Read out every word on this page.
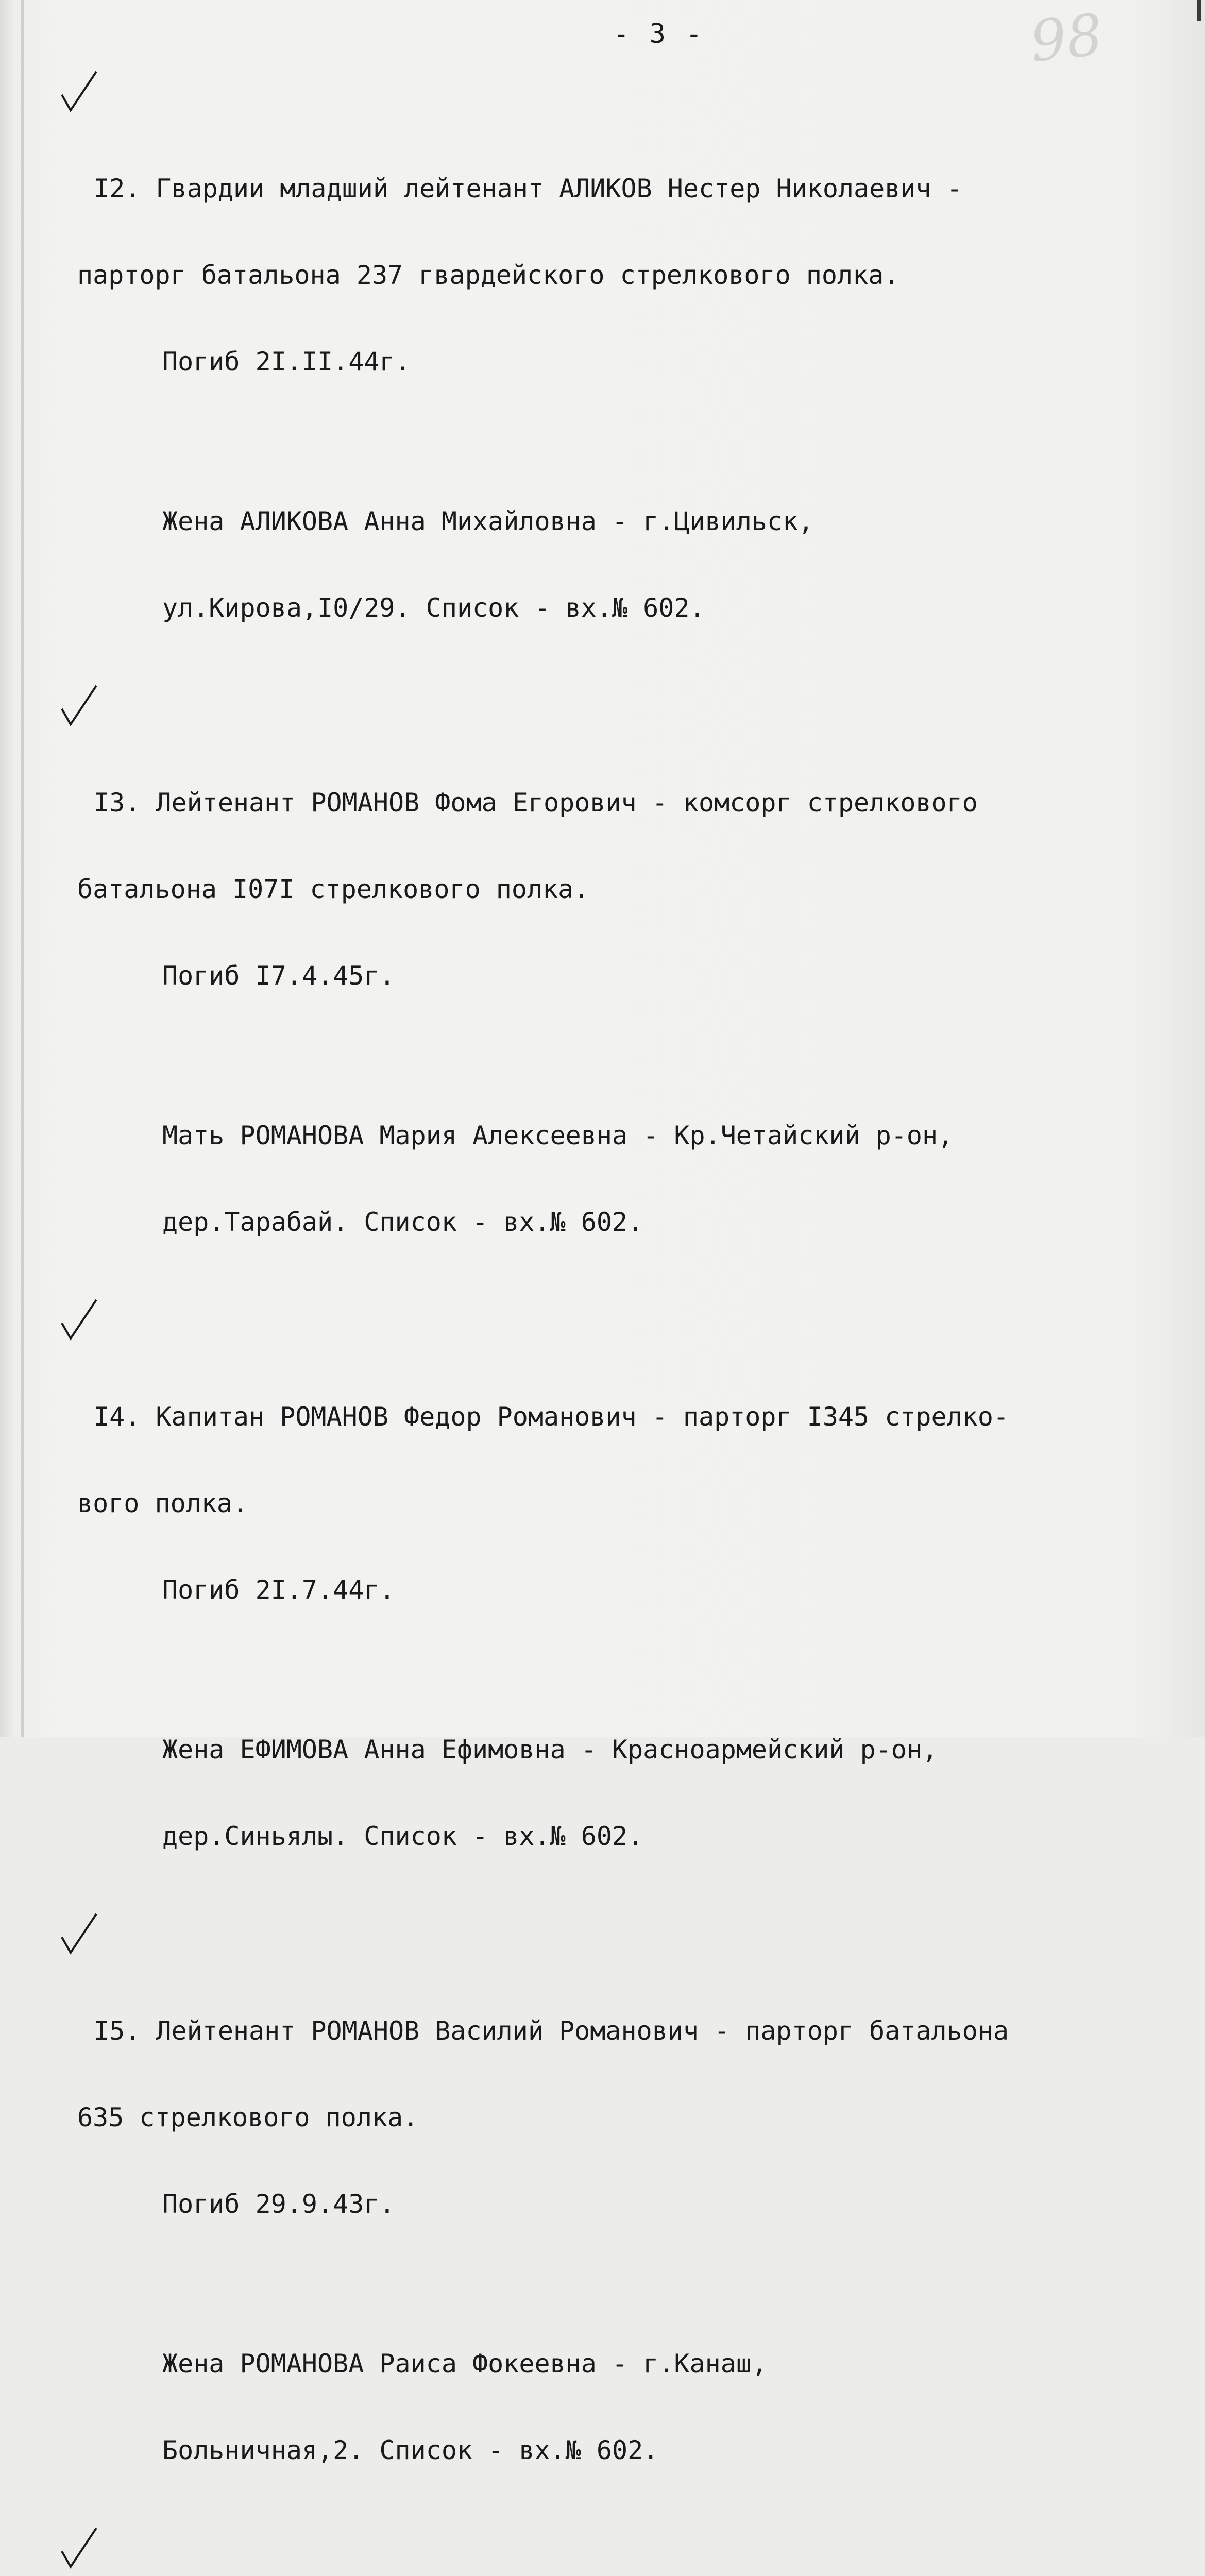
98
- 3 -

I2. Гвардии младший лейтенант АЛИКОВ Нестер Николаевич -

парторг батальона 237 гвардейского стрелкового полка.

Погиб 2I.II.44г.

Жена АЛИКОВА Анна Михайловна - г.Цивильск,

ул.Кирова,I0/29. Список - вх.№ 602.

I3. Лейтенант РОМАНОВ Фома Егорович - комсорг стрелкового

батальона I07I стрелкового полка.

Погиб I7.4.45г.

Мать РОМАНОВА Мария Алексеевна - Кр.Четайский р-он,

дер.Тарабай. Список - вх.№ 602.

I4. Капитан РОМАНОВ Федор Романович - парторг I345 стрелко-

вого полка.

Погиб 2I.7.44г.

Жена ЕФИМОВА Анна Ефимовна - Красноармейский р-он,

дер.Синьялы. Список - вх.№ 602.

I5. Лейтенант РОМАНОВ Василий Романович - парторг батальона

635 стрелкового полка.

Погиб 29.9.43г.

Жена РОМАНОВА Раиса Фокеевна - г.Канаш,

Больничная,2. Список - вх.№ 602.
